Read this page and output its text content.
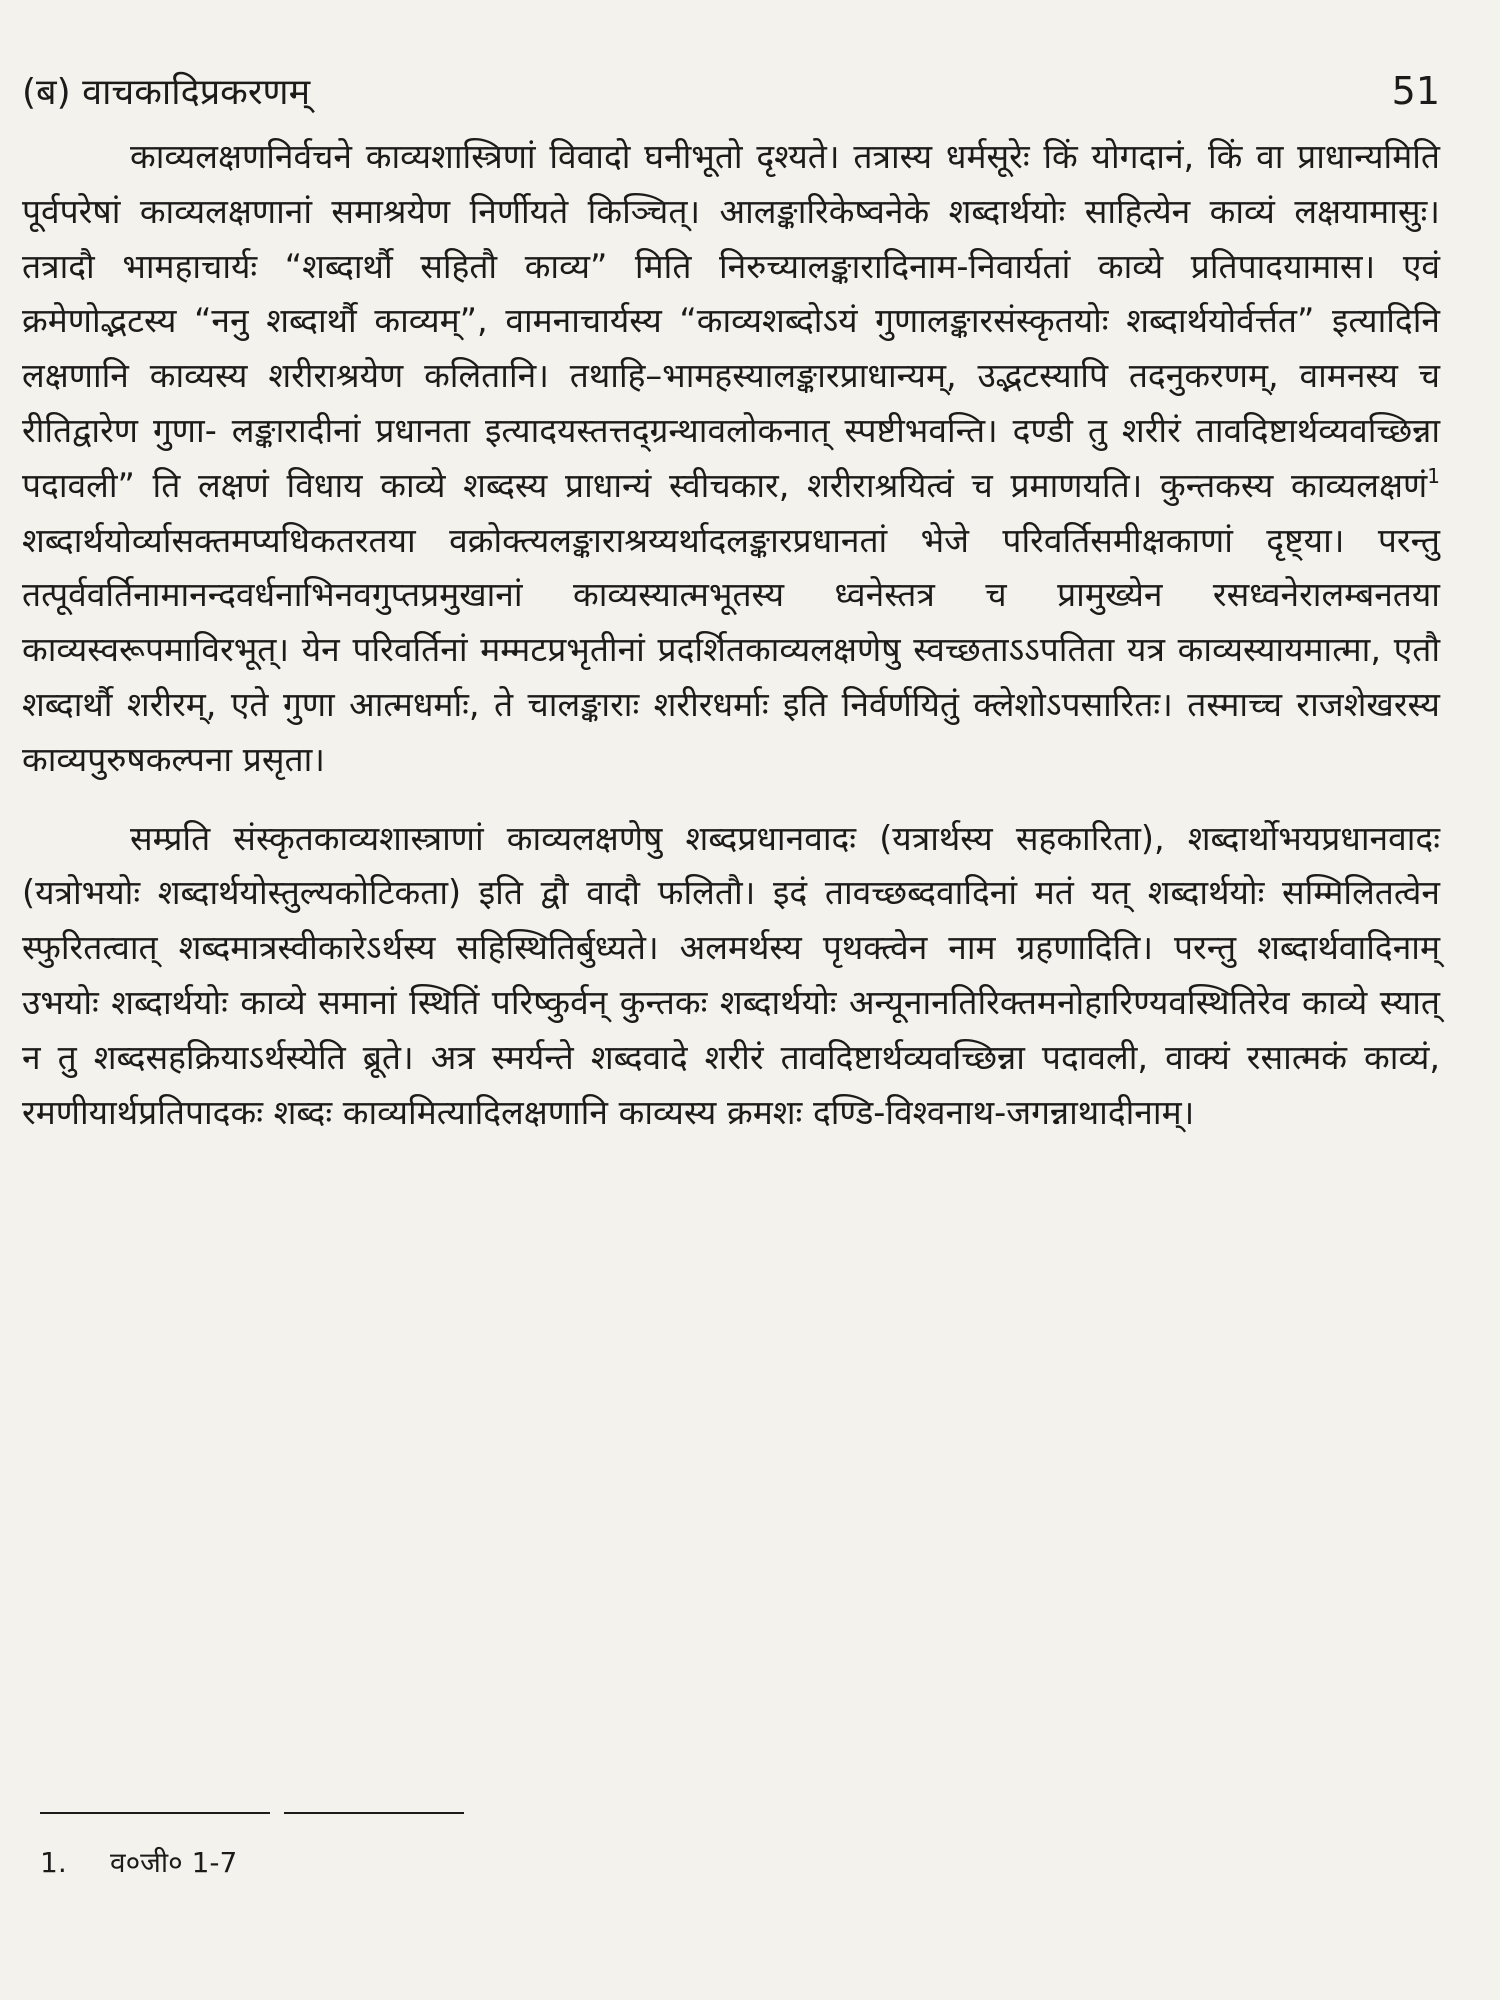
(ब) वाचकादिप्रकरणम्	51

काव्यलक्षणनिर्वचने काव्यशास्त्रिणां विवादो घनीभूतो दृश्यते। तत्रास्य धर्मसूरेः किं योगदानं, किं वा प्राधान्यमिति पूर्वपरेषां काव्यलक्षणानां समाश्रयेण निर्णीयते किञ्चित्। आलङ्कारिकेष्वनेके शब्दार्थयोः साहित्येन काव्यं लक्षयामासुः। तत्रादौ भामहाचार्यः “शब्दार्थौ सहितौ काव्य” मिति निरुच्यालङ्कारादिनाम-निवार्यतां काव्ये प्रतिपादयामास। एवं क्रमेणोद्भटस्य “ननु शब्दार्थौ काव्यम्”, वामनाचार्यस्य “काव्यशब्दोऽयं गुणालङ्कारसंस्कृतयोः शब्दार्थयोर्वर्त्तत” इत्यादिनि लक्षणानि काव्यस्य शरीराश्रयेण कलितानि। तथाहि–भामहस्यालङ्कारप्राधान्यम्, उद्भटस्यापि तदनुकरणम्, वामनस्य च रीतिद्वारेण गुणा- लङ्कारादीनां प्रधानता इत्यादयस्तत्तद्ग्रन्थावलोकनात् स्पष्टीभवन्ति। दण्डी तु शरीरं तावदिष्टार्थव्यवच्छिन्ना पदावली” ति लक्षणं विधाय काव्ये शब्दस्य प्राधान्यं स्वीचकार, शरीराश्रयित्वं च प्रमाणयति। कुन्तकस्य काव्यलक्षणं$^1$ शब्दार्थयोर्व्यासक्तमप्यधिकतरतया वक्रोक्त्यलङ्काराश्रय्यर्थादलङ्कारप्रधानतां भेजे परिवर्तिसमीक्षकाणां दृष्ट्या। परन्तु तत्पूर्ववर्तिनामानन्दवर्धनाभिनवगुप्तप्रमुखानां काव्यस्यात्मभूतस्य ध्वनेस्तत्र च प्रामुख्येन रसध्वनेरालम्बनतया काव्यस्वरूपमाविरभूत्। येन परिवर्तिनां मम्मटप्रभृतीनां प्रदर्शितकाव्यलक्षणेषु स्वच्छताऽऽपतिता यत्र काव्यस्यायमात्मा, एतौ शब्दार्थौ शरीरम्, एते गुणा आत्मधर्माः, ते चालङ्काराः शरीरधर्माः इति निर्वर्णयितुं क्लेशोऽपसारितः। तस्माच्च राजशेखरस्य काव्यपुरुषकल्पना प्रसृता।

सम्प्रति संस्कृतकाव्यशास्त्राणां काव्यलक्षणेषु शब्दप्रधानवादः (यत्रार्थस्य सहकारिता), शब्दार्थोभयप्रधानवादः (यत्रोभयोः शब्दार्थयोस्तुल्यकोटिकता) इति द्वौ वादौ फलितौ। इदं तावच्छब्दवादिनां मतं यत् शब्दार्थयोः सम्मिलितत्वेन स्फुरितत्वात् शब्दमात्रस्वीकारेऽर्थस्य सहिस्थितिर्बुध्यते। अलमर्थस्य पृथक्त्वेन नाम ग्रहणादिति। परन्तु शब्दार्थवादिनाम् उभयोः शब्दार्थयोः काव्ये समानां स्थितिं परिष्कुर्वन् कुन्तकः शब्दार्थयोः अन्यूनानतिरिक्तमनोहारिण्यवस्थितिरेव काव्ये स्यात् न तु शब्दसहक्रियाऽर्थस्येति ब्रूते। अत्र स्मर्यन्ते शब्दवादे शरीरं तावदिष्टार्थव्यवच्छिन्ना पदावली, वाक्यं रसात्मकं काव्यं, रमणीयार्थप्रतिपादकः शब्दः काव्यमित्यादिलक्षणानि काव्यस्य क्रमशः दण्डि-विश्वनाथ-जगन्नाथादीनाम्।

1. व०जी० 1-7
